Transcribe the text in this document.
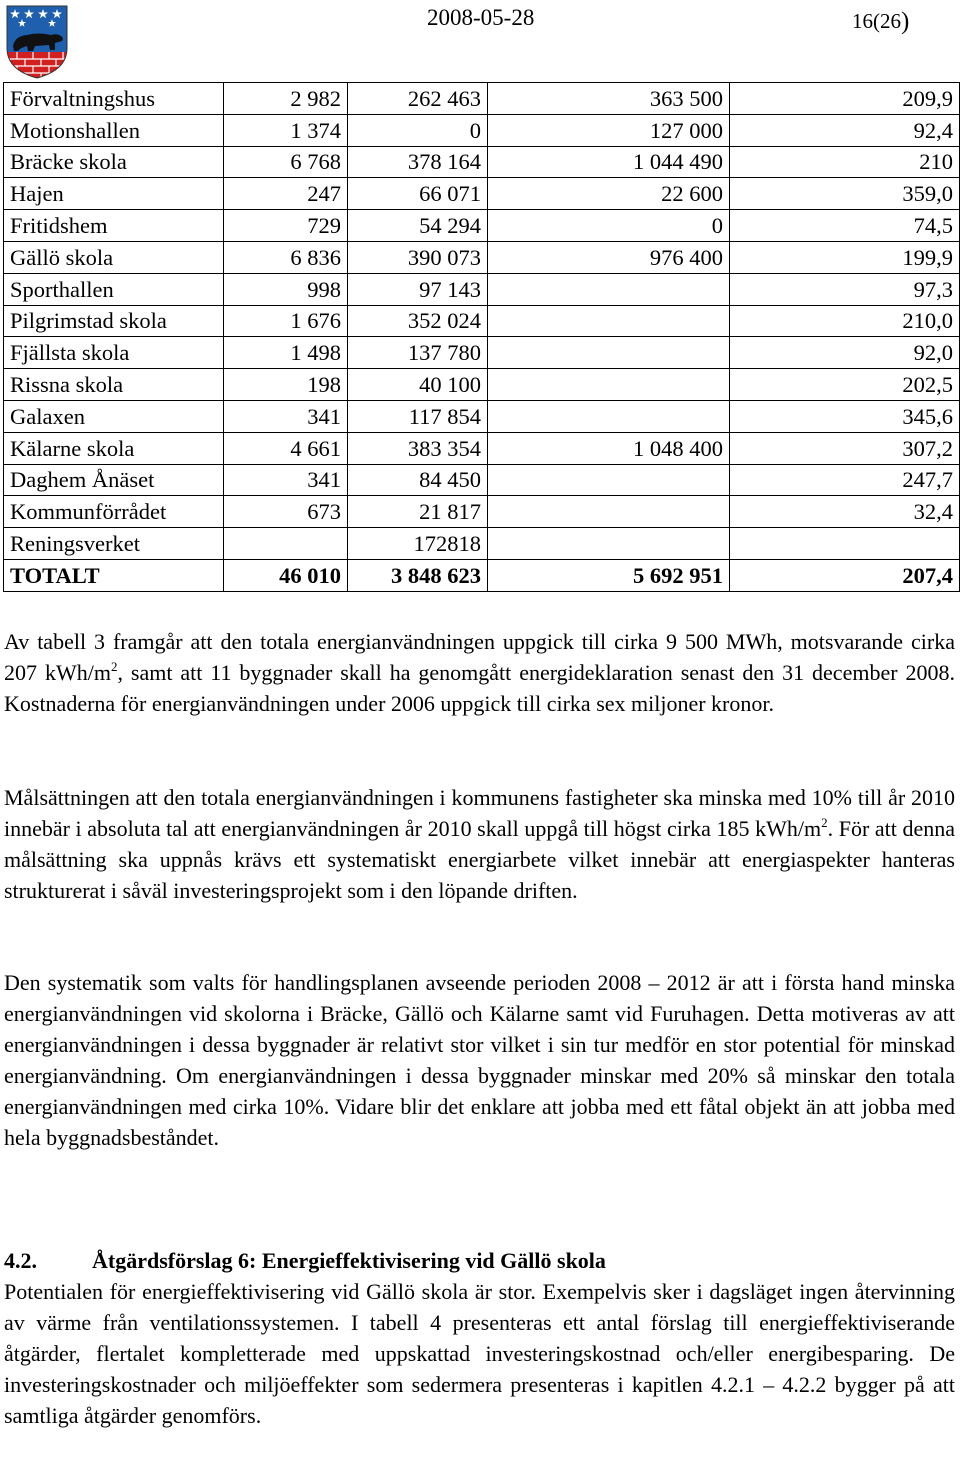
2008-05-28	16(26)
Förvaltningshus	2 982	262 463	363 500	209,9
Motionshallen	1 374	0	127 000	92,4
Bräcke skola	6 768	378 164	1 044 490	210
Hajen	247	66 071	22 600	359,0
Fritidshem	729	54 294	0	74,5
Gällö skola	6 836	390 073	976 400	199,9
Sporthallen	998	97 143		97,3
Pilgrimstad skola	1 676	352 024		210,0
Fjällsta skola	1 498	137 780		92,0
Rissna skola	198	40 100		202,5
Galaxen	341	117 854		345,6
Kälarne skola	4 661	383 354	1 048 400	307,2
Daghem Ånäset	341	84 450		247,7
Kommunförrådet	673	21 817		32,4
Reningsverket		172818		
TOTALT	46 010	3 848 623	5 692 951	207,4

Av tabell 3 framgår att den totala energianvändningen uppgick till cirka 9 500 MWh, motsvarande cirka 207 kWh/$m^2$, samt att 11 byggnader skall ha genomgått energideklaration senast den 31 december 2008. Kostnaderna för energianvändningen under 2006 uppgick till cirka sex miljoner kronor.

Målsättningen att den totala energianvändningen i kommunens fastigheter ska minska med 10% till år 2010 innebär i absoluta tal att energianvändningen år 2010 skall uppgå till högst cirka 185 kWh/$m^2$. För att denna målsättning ska uppnås krävs ett systematiskt energiarbete vilket innebär att energiaspekter hanteras strukturerat i såväl investeringsprojekt som i den löpande driften.

Den systematik som valts för handlingsplanen avseende perioden 2008 – 2012 är att i första hand minska energianvändningen vid skolorna i Bräcke, Gällö och Kälarne samt vid Furuhagen. Detta motiveras av att energianvändningen i dessa byggnader är relativt stor vilket i sin tur medför en stor potential för minskad energianvändning. Om energianvändningen i dessa byggnader minskar med 20% så minskar den totala energianvändningen med cirka 10%. Vidare blir det enklare att jobba med ett fåtal objekt än att jobba med hela byggnadsbeståndet.

4.2.	Åtgärdsförslag 6: Energieffektivisering vid Gällö skola

Potentialen för energieffektivisering vid Gällö skola är stor. Exempelvis sker i dagsläget ingen återvinning av värme från ventilationssystemen. I tabell 4 presenteras ett antal förslag till energieffektiviserande åtgärder, flertalet kompletterade med uppskattad investeringskostnad och/eller energibesparing. De investeringskostnader och miljöeffekter som sedermera presenteras i kapitlen 4.2.1 – 4.2.2 bygger på att samtliga åtgärder genomförs.
